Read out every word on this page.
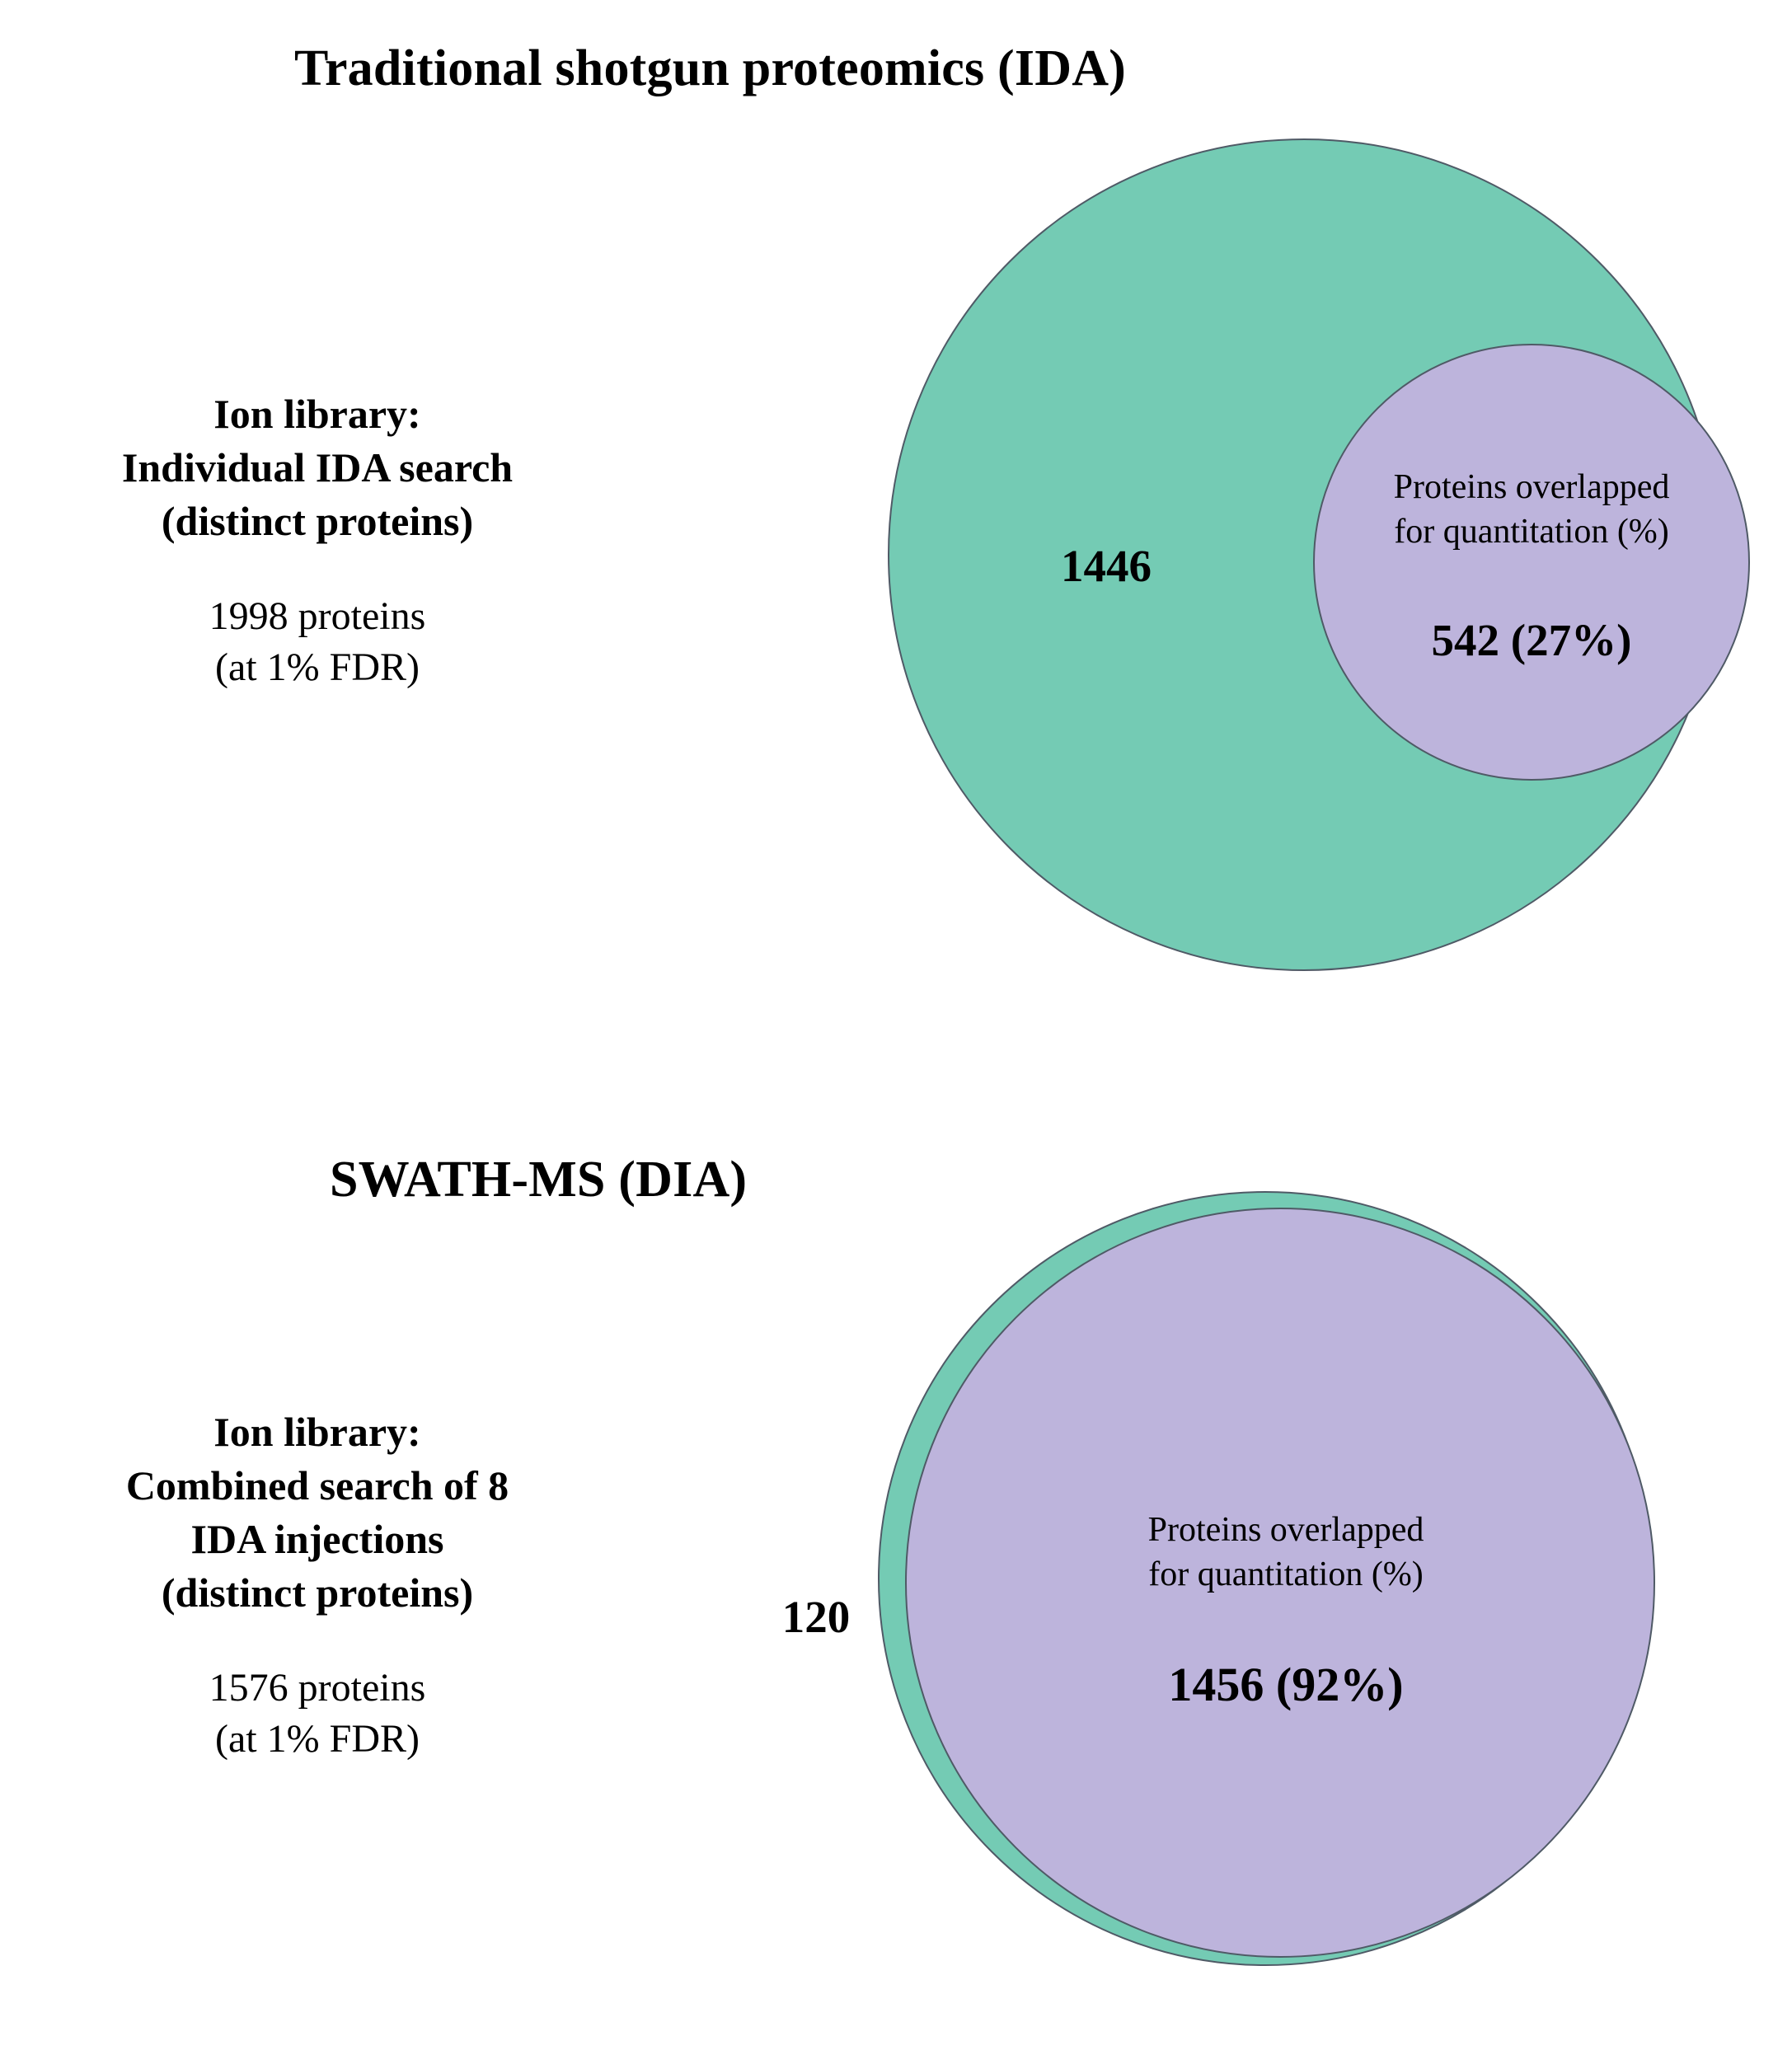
Traditional shotgun proteomics (IDA)
Ion library:
Individual IDA search
(distinct proteins)
1998 proteins
(at 1% FDR)
1446
Proteins overlapped
for quantitation (%)
542 (27%)
SWATH-MS (DIA)
Ion library:
Combined search of 8
IDA injections
(distinct proteins)
1576 proteins
(at 1% FDR)
120
Proteins overlapped
for quantitation (%)
1456 (92%)
